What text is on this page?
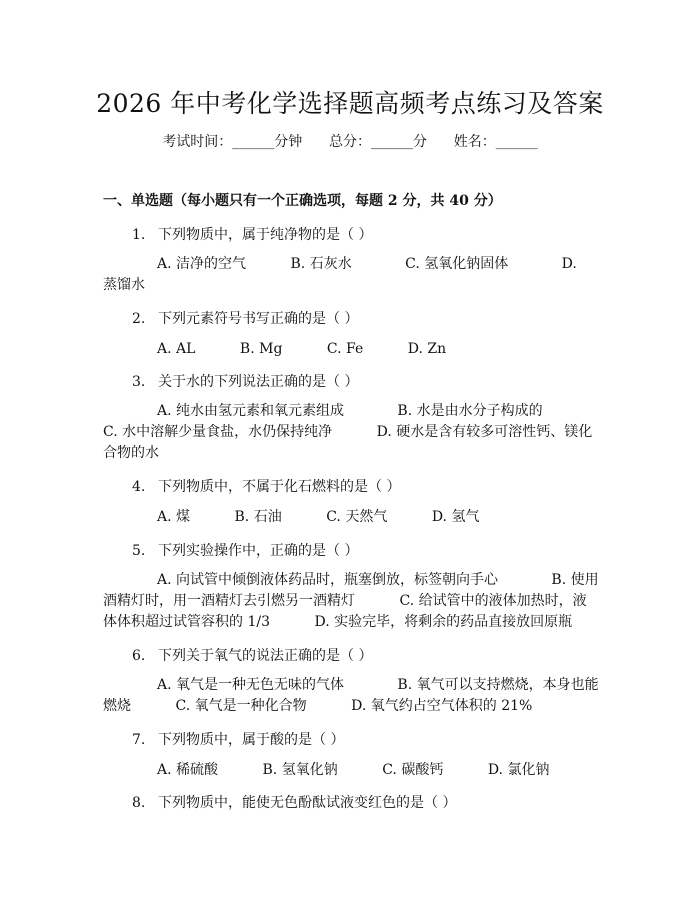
2026 年中考化学选择题高频考点练习及答案
考试时间：______分钟      总分：______分      姓名：______
一、单选题（每小题只有一个正确选项，每题 2 分，共 40 分）
1. 下列物质中，属于纯净物的是（ ）
A. 洁净的空气          B. 石灰水            C. 氢氧化钠固体            D.
蒸馏水
2. 下列元素符号书写正确的是（ ）
A. AL          B. Mg          C. Fe          D. Zn
3. 关于水的下列说法正确的是（ ）
A. 纯水由氢元素和氧元素组成            B. 水是由水分子构成的
C. 水中溶解少量食盐，水仍保持纯净          D. 硬水是含有较多可溶性钙、镁化合物的水
4. 下列物质中，不属于化石燃料的是（ ）
A. 煤          B. 石油          C. 天然气          D. 氢气
5. 下列实验操作中，正确的是（ ）
A. 向试管中倾倒液体药品时，瓶塞倒放，标签朝向手心            B. 使用酒精灯时，用一酒精灯去引燃另一酒精灯          C. 给试管中的液体加热时，液体体积超过试管容积的 1/3          D. 实验完毕，将剩余的药品直接放回原瓶
6. 下列关于氧气的说法正确的是（ ）
A. 氧气是一种无色无味的气体            B. 氧气可以支持燃烧，本身也能燃烧          C. 氧气是一种化合物          D. 氧气约占空气体积的 21%
7. 下列物质中，属于酸的是（ ）
A. 稀硫酸          B. 氢氧化钠          C. 碳酸钙          D. 氯化钠
8. 下列物质中，能使无色酚酞试液变红色的是（ ）
